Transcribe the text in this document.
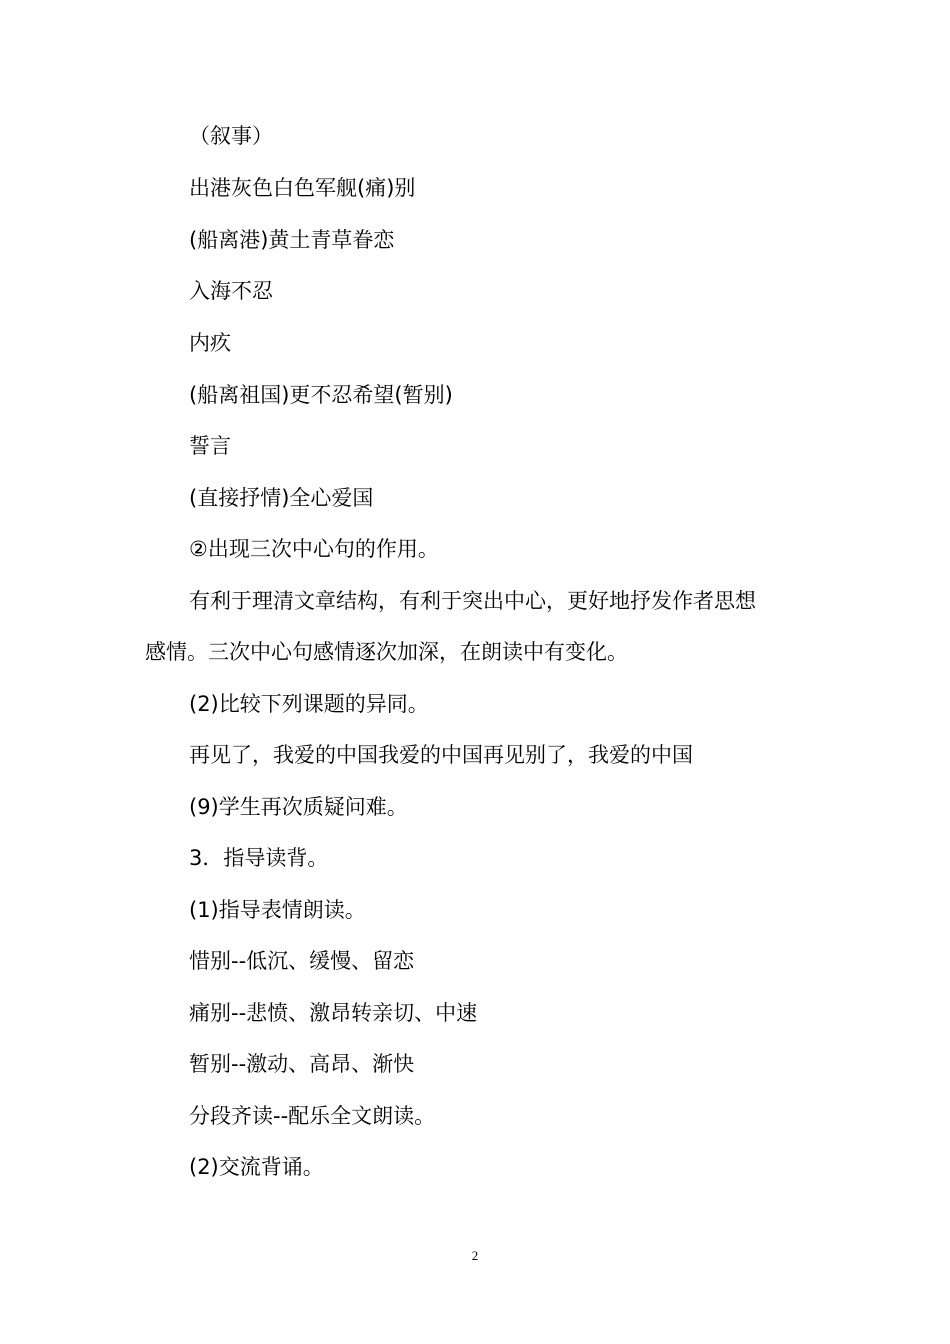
（叙事）
出港灰色白色军舰(痛)别
(船离港)黄土青草眷恋
入海不忍
内疚
(船离祖国)更不忍希望(暂别)
誓言
(直接抒情)全心爱国
②出现三次中心句的作用。
有利于理清文章结构，有利于突出中心，更好地抒发作者思想
感情。三次中心句感情逐次加深，在朗读中有变化。
(2)比较下列课题的异同。
再见了，我爱的中国我爱的中国再见别了，我爱的中国
(9)学生再次质疑问难。
3．指导读背。
(1)指导表情朗读。
惜别--低沉、缓慢、留恋
痛别--悲愤、激昂转亲切、中速
暂别--激动、高昂、渐快
分段齐读--配乐全文朗读。
(2)交流背诵。
2
